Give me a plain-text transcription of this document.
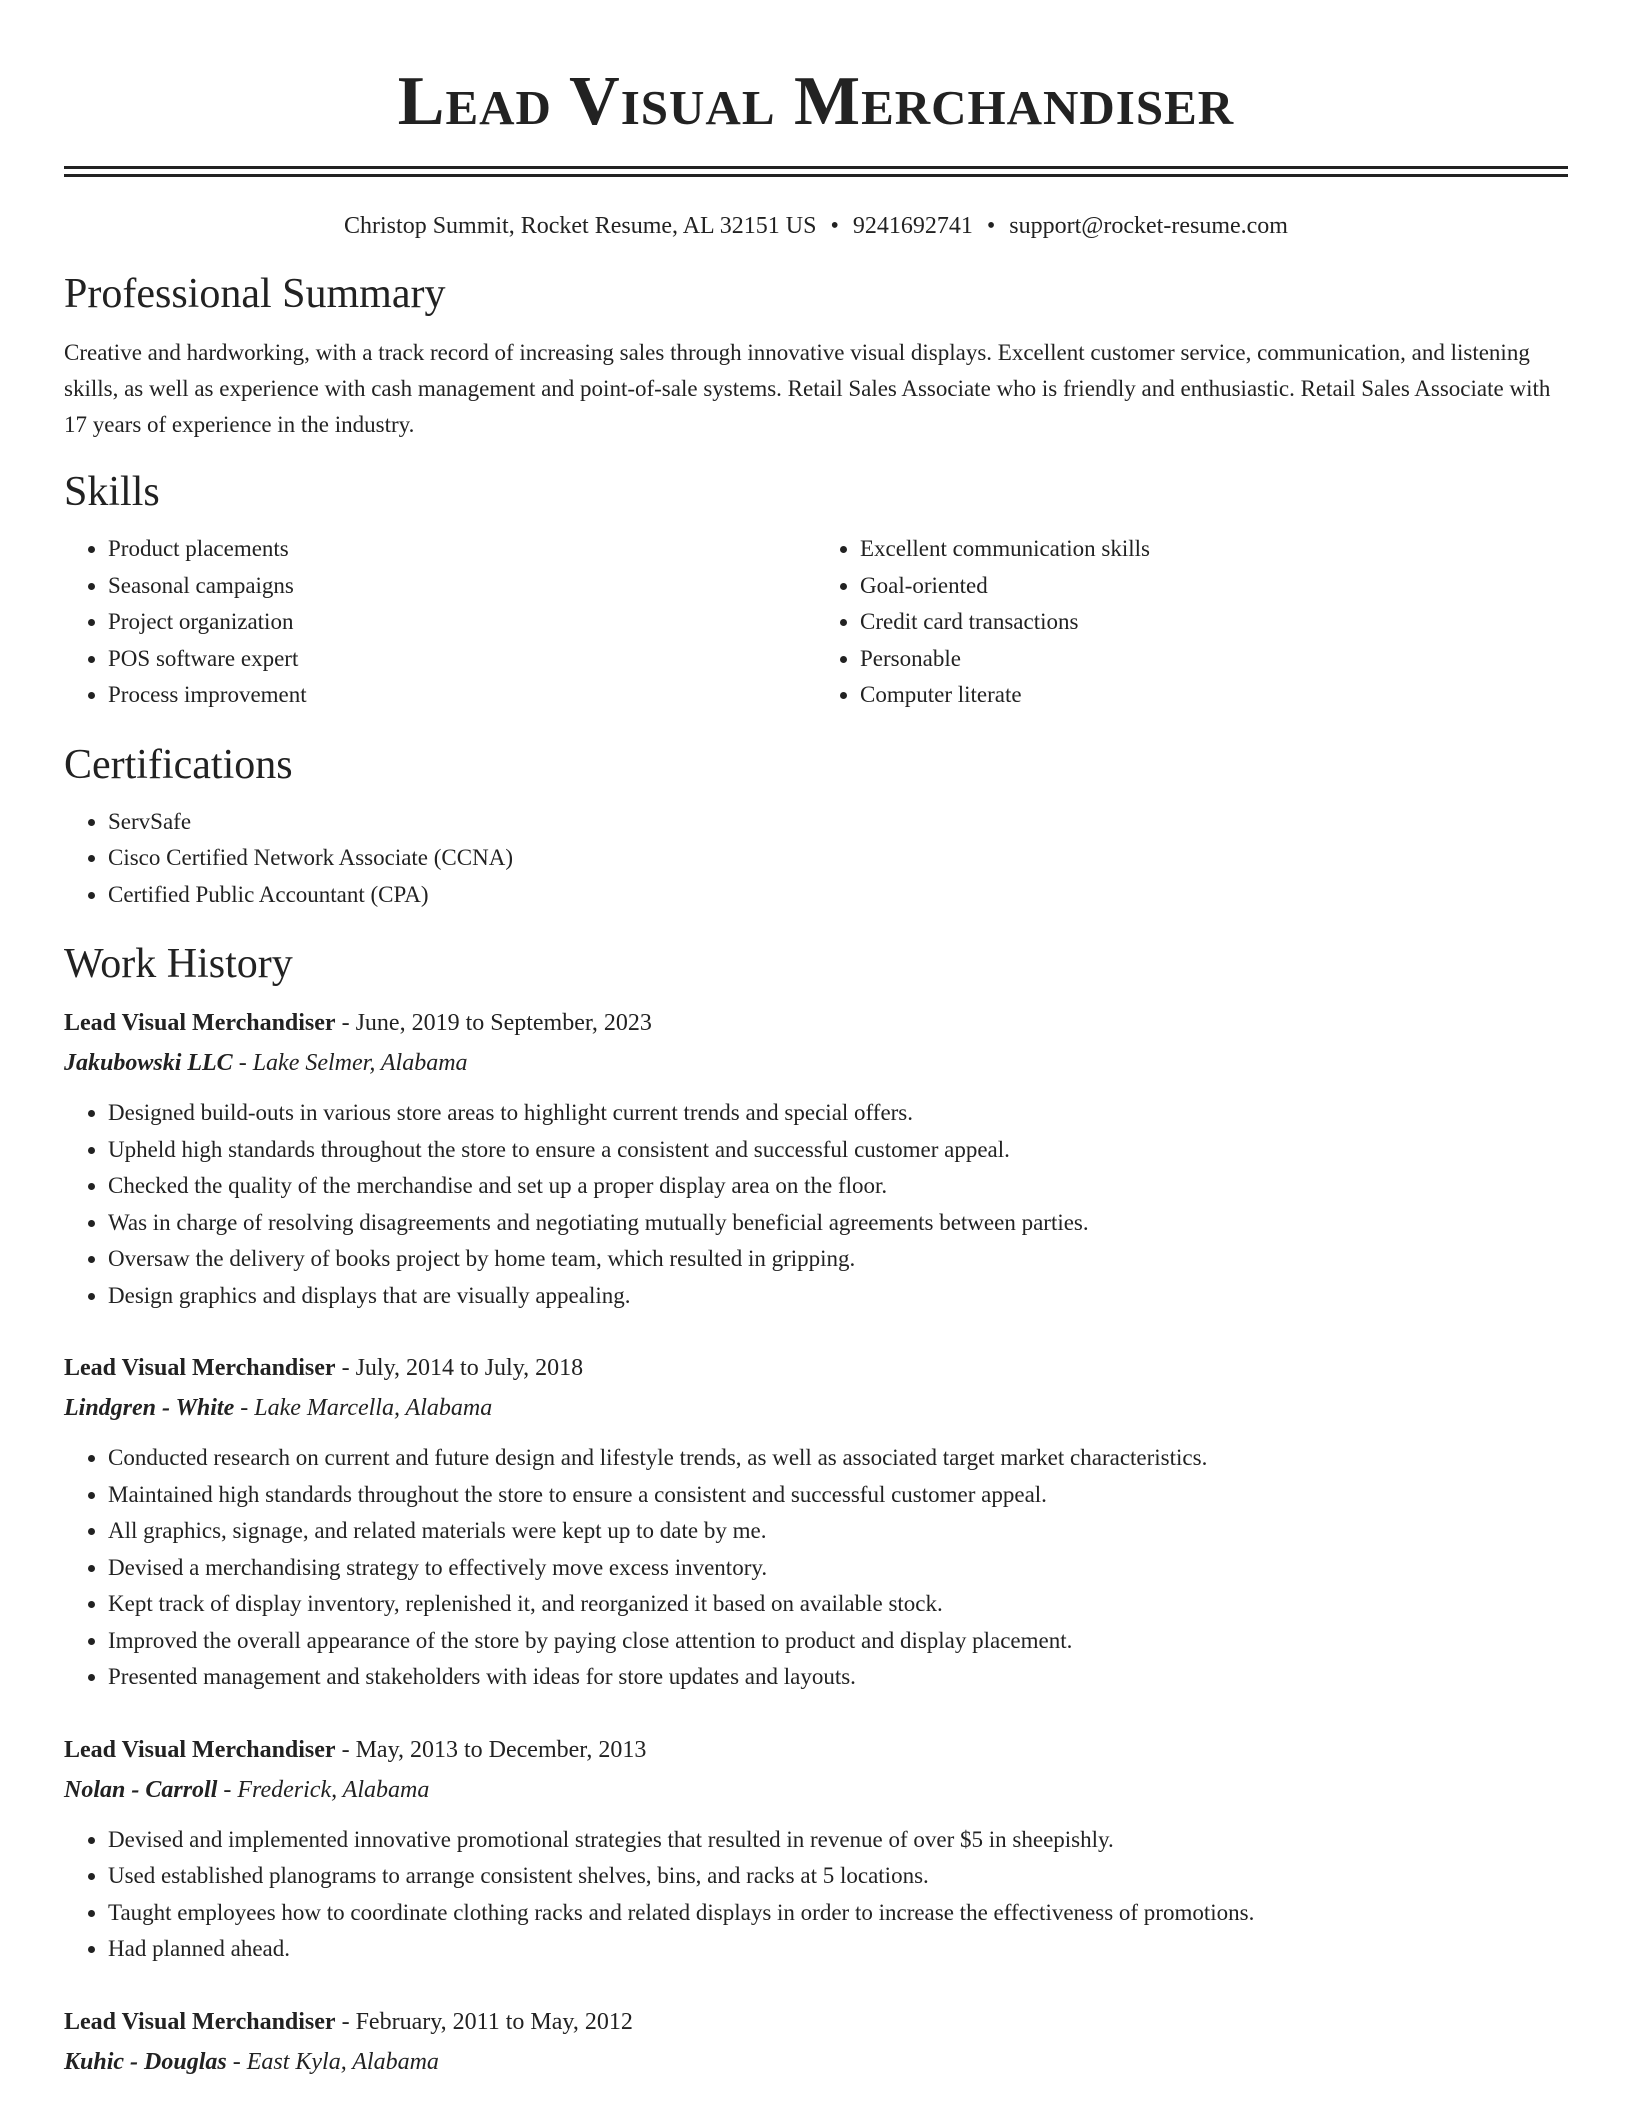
Lead Visual Merchandiser
Christop Summit, Rocket Resume, AL 32151 US • 9241692741 • support@rocket-resume.com
Professional Summary

Creative and hardworking, with a track record of increasing sales through innovative visual displays. Excellent customer service, communication, and listening skills, as well as experience with cash management and point-of-sale systems. Retail Sales Associate who is friendly and enthusiastic. Retail Sales Associate with 17 years of experience in the industry.

Skills
• Product placements
• Seasonal campaigns
• Project organization
• POS software expert
• Process improvement
• Excellent communication skills
• Goal-oriented
• Credit card transactions
• Personable
• Computer literate
Certifications
• ServSafe
• Cisco Certified Network Associate (CCNA)
• Certified Public Accountant (CPA)
Work History
Lead Visual Merchandiser - June, 2019 to September, 2023
Jakubowski LLC - Lake Selmer, Alabama
• Designed build-outs in various store areas to highlight current trends and special offers.
• Upheld high standards throughout the store to ensure a consistent and successful customer appeal.
• Checked the quality of the merchandise and set up a proper display area on the floor.
• Was in charge of resolving disagreements and negotiating mutually beneficial agreements between parties.
• Oversaw the delivery of books project by home team, which resulted in gripping.
• Design graphics and displays that are visually appealing.
Lead Visual Merchandiser - July, 2014 to July, 2018
Lindgren - White - Lake Marcella, Alabama
• Conducted research on current and future design and lifestyle trends, as well as associated target market characteristics.
• Maintained high standards throughout the store to ensure a consistent and successful customer appeal.
• All graphics, signage, and related materials were kept up to date by me.
• Devised a merchandising strategy to effectively move excess inventory.
• Kept track of display inventory, replenished it, and reorganized it based on available stock.
• Improved the overall appearance of the store by paying close attention to product and display placement.
• Presented management and stakeholders with ideas for store updates and layouts.
Lead Visual Merchandiser - May, 2013 to December, 2013
Nolan - Carroll - Frederick, Alabama
• Devised and implemented innovative promotional strategies that resulted in revenue of over $5 in sheepishly.
• Used established planograms to arrange consistent shelves, bins, and racks at 5 locations.
• Taught employees how to coordinate clothing racks and related displays in order to increase the effectiveness of promotions.
• Had planned ahead.
Lead Visual Merchandiser - February, 2011 to May, 2012
Kuhic - Douglas - East Kyla, Alabama
